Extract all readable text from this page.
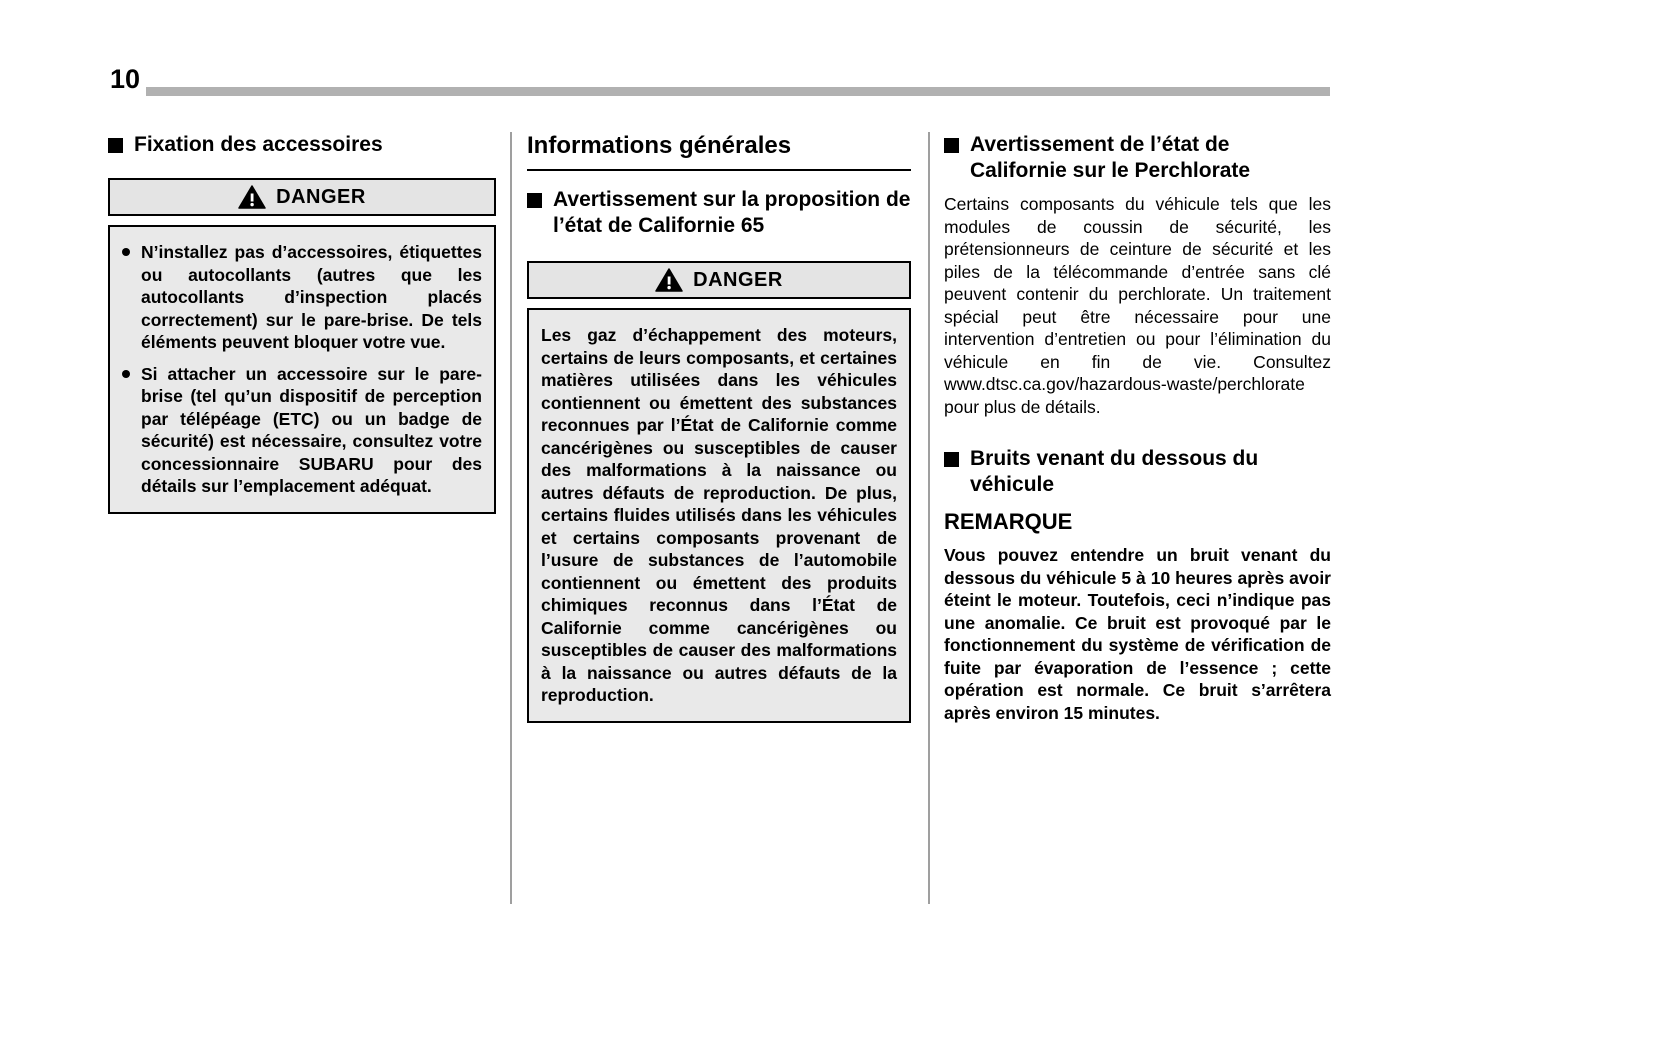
10
Fixation des accessoires
DANGER
N’installez pas d’accessoires, étiquettes ou autocollants (autres que les autocollants d’inspection placés correctement) sur le pare-brise. De tels éléments peuvent bloquer votre vue.
Si attacher un accessoire sur le pare-brise (tel qu’un dispositif de perception par télépéage (ETC) ou un badge de sécurité) est nécessaire, consultez votre concessionnaire SUBARU pour des détails sur l’emplacement adéquat.
Informations générales
Avertissement sur la proposition de l’état de Californie 65
DANGER
Les gaz d’échappement des moteurs, certains de leurs composants, et certaines matières utilisées dans les véhicules contiennent ou émettent des substances reconnues par l’État de Californie comme cancérigènes ou susceptibles de causer des malformations à la naissance ou autres défauts de reproduction. De plus, certains fluides utilisés dans les véhicules et certains composants provenant de l’usure de substances de l’automobile contiennent ou émettent des produits chimiques reconnus dans l’État de Californie comme cancérigènes ou susceptibles de causer des malformations à la naissance ou autres défauts de la reproduction.
Avertissement de l’état de Californie sur le Perchlorate

Certains composants du véhicule tels que les modules de coussin de sécurité, les prétensionneurs de ceinture de sécurité et les piles de la télécommande d’entrée sans clé peuvent contenir du perchlorate. Un traitement spécial peut être nécessaire pour une intervention d’entretien ou pour l’élimination du véhicule en fin de vie. Consultez www.dtsc.ca.gov/hazardous-waste/perchlorate pour plus de détails.

Bruits venant du dessous du véhicule
REMARQUE

Vous pouvez entendre un bruit venant du dessous du véhicule 5 à 10 heures après avoir éteint le moteur. Toutefois, ceci n’indique pas une anomalie. Ce bruit est provoqué par le fonctionnement du système de vérification de fuite par évaporation de l’essence ; cette opération est normale. Ce bruit s’arrêtera après environ 15 minutes.
